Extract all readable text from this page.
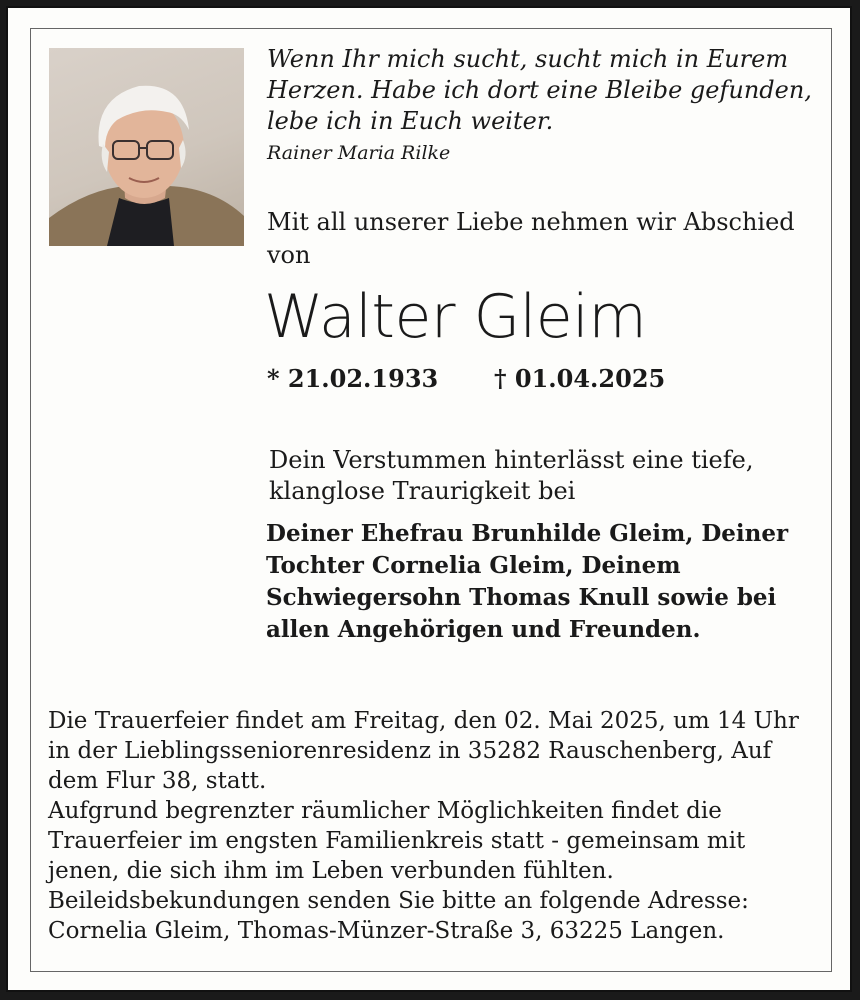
Wenn Ihr mich sucht, sucht mich in Eurem
Herzen. Habe ich dort eine Bleibe gefunden,
lebe ich in Euch weiter.
Rainer Maria Rilke
Mit all unserer Liebe nehmen wir Abschied
von
Walter Gleim
* 21.02.1933 † 01.04.2025
Dein Verstummen hinterlässt eine tiefe,
klanglose Traurigkeit bei
Deiner Ehefrau Brunhilde Gleim, Deiner
Tochter Cornelia Gleim, Deinem
Schwiegersohn Thomas Knull sowie bei
allen Angehörigen und Freunden.
Die Trauerfeier findet am Freitag, den 02. Mai 2025, um 14 Uhr
in der Lieblingsseniorenresidenz in 35282 Rauschenberg, Auf
dem Flur 38, statt.
Aufgrund begrenzter räumlicher Möglichkeiten findet die
Trauerfeier im engsten Familienkreis statt - gemeinsam mit
jenen, die sich ihm im Leben verbunden fühlten.
Beileidsbekundungen senden Sie bitte an folgende Adresse:
Cornelia Gleim, Thomas-Münzer-Straße 3, 63225 Langen.
